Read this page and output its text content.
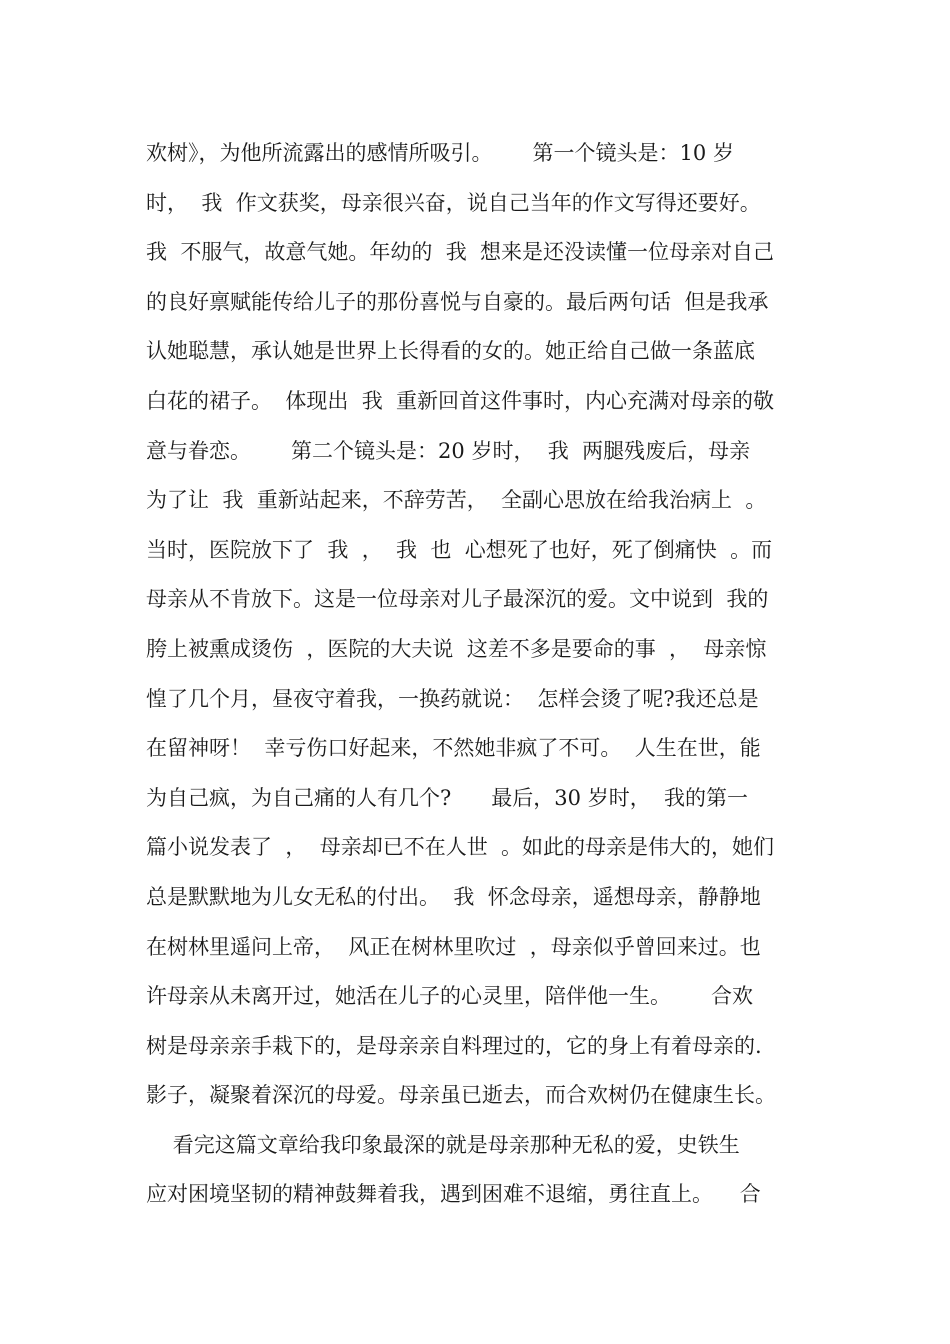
欢树》，为他所流露出的感情所吸引。      第一个镜头是：10 岁
时，  我  作文获奖，母亲很兴奋，说自己当年的作文写得还要好。
我  不服气，故意气她。年幼的  我  想来是还没读懂一位母亲对自己
的良好禀赋能传给儿子的那份喜悦与自豪的。最后两句话  但是我承
认她聪慧，承认她是世界上长得看的女的。她正给自己做一条蓝底
白花的裙子。  体现出  我  重新回首这件事时，内心充满对母亲的敬
意与眷恋。      第二个镜头是：20 岁时，  我  两腿残废后，母亲
为了让  我  重新站起来，不辞劳苦，  全副心思放在给我治病上  。
当时，医院放下了  我  ，  我  也  心想死了也好，死了倒痛快  。而
母亲从不肯放下。这是一位母亲对儿子最深沉的爱。文中说到  我的
胯上被熏成烫伤  ，医院的大夫说  这差不多是要命的事  ，  母亲惊
惶了几个月，昼夜守着我，一换药就说：  怎样会烫了呢?我还总是
在留神呀！  幸亏伤口好起来，不然她非疯了不可。  人生在世，能
为自己疯，为自己痛的人有几个?      最后，30 岁时，  我的第一
篇小说发表了  ，  母亲却已不在人世  。如此的母亲是伟大的，她们
总是默默地为儿女无私的付出。  我  怀念母亲，遥想母亲，静静地
在树林里遥问上帝，  风正在树林里吹过  ，母亲似乎曾回来过。也
许母亲从未离开过，她活在儿子的心灵里，陪伴他一生。      合欢
树是母亲亲手栽下的，是母亲亲自料理过的，它的身上有着母亲的.
影子，凝聚着深沉的母爱。母亲虽已逝去，而合欢树仍在健康生长。
看完这篇文章给我印象最深的就是母亲那种无私的爱，史铁生
应对困境坚韧的精神鼓舞着我，遇到困难不退缩，勇往直上。    合
